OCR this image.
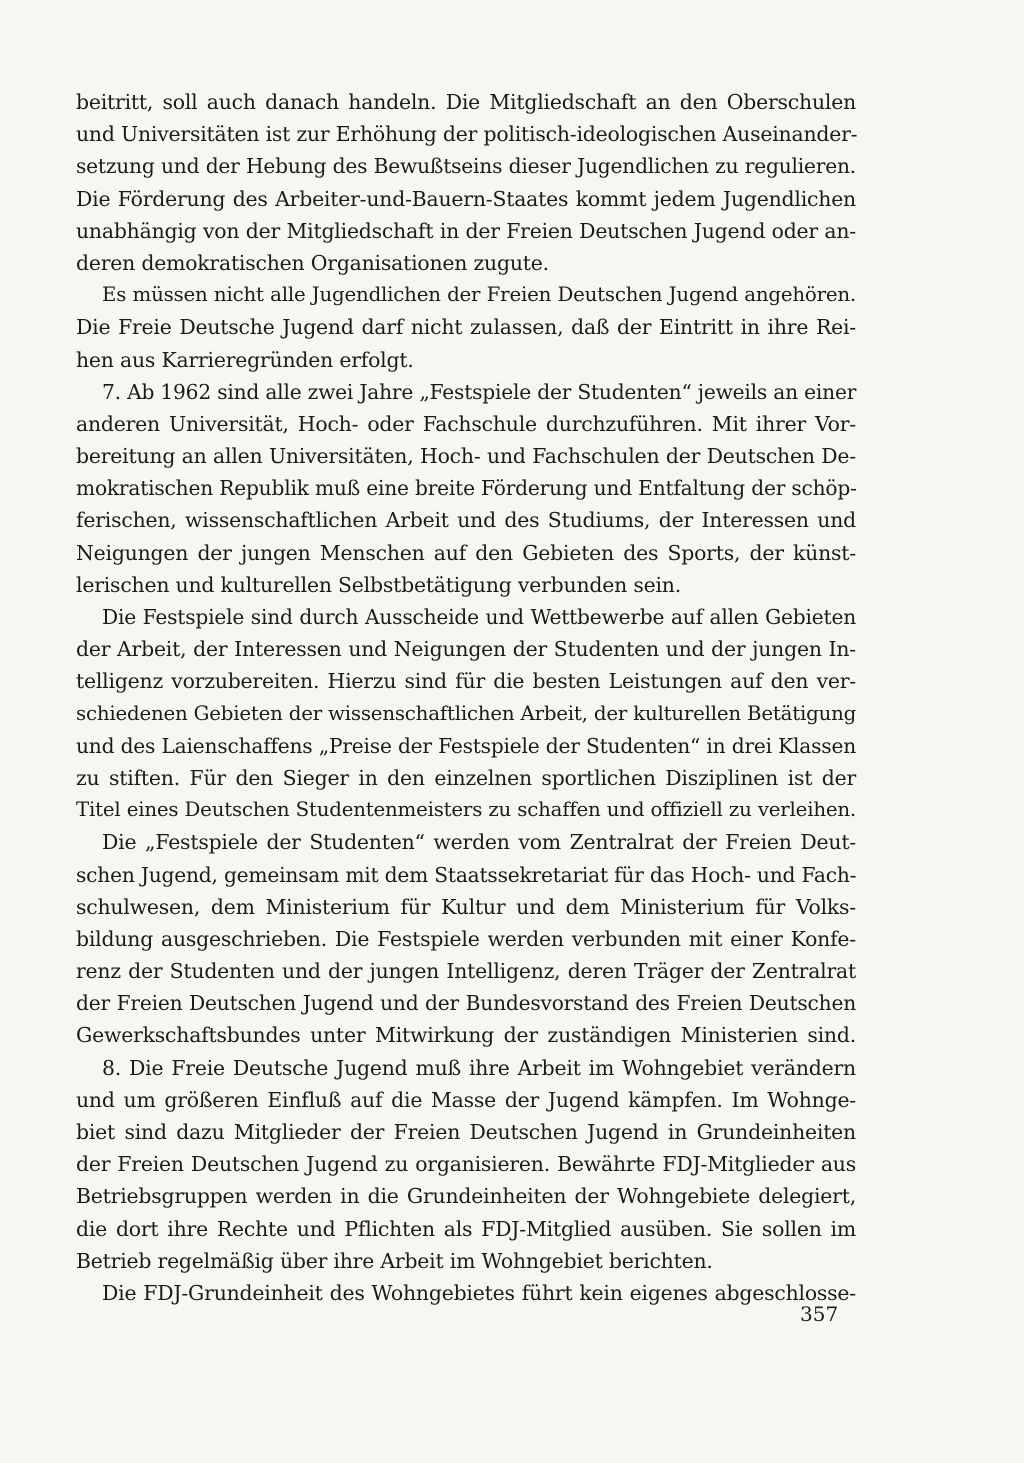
beitritt, soll auch danach handeln. Die Mitgliedschaft an den Oberschulen
und Universitäten ist zur Erhöhung der politisch-ideologischen Auseinander-
setzung und der Hebung des Bewußtseins dieser Jugendlichen zu regulieren.
Die Förderung des Arbeiter-und-Bauern-Staates kommt jedem Jugendlichen
unabhängig von der Mitgliedschaft in der Freien Deutschen Jugend oder an-
deren demokratischen Organisationen zugute.
Es müssen nicht alle Jugendlichen der Freien Deutschen Jugend angehören.
Die Freie Deutsche Jugend darf nicht zulassen, daß der Eintritt in ihre Rei-
hen aus Karrieregründen erfolgt.
7. Ab 1962 sind alle zwei Jahre „Festspiele der Studenten“ jeweils an einer
anderen Universität, Hoch- oder Fachschule durchzuführen. Mit ihrer Vor-
bereitung an allen Universitäten, Hoch- und Fachschulen der Deutschen De-
mokratischen Republik muß eine breite Förderung und Entfaltung der schöp-
ferischen, wissenschaftlichen Arbeit und des Studiums, der Interessen und
Neigungen der jungen Menschen auf den Gebieten des Sports, der künst-
lerischen und kulturellen Selbstbetätigung verbunden sein.
Die Festspiele sind durch Ausscheide und Wettbewerbe auf allen Gebieten
der Arbeit, der Interessen und Neigungen der Studenten und der jungen In-
telligenz vorzubereiten. Hierzu sind für die besten Leistungen auf den ver-
schiedenen Gebieten der wissenschaftlichen Arbeit, der kulturellen Betätigung
und des Laienschaffens „Preise der Festspiele der Studenten“ in drei Klassen
zu stiften. Für den Sieger in den einzelnen sportlichen Disziplinen ist der
Titel eines Deutschen Studentenmeisters zu schaffen und offiziell zu verleihen.
Die „Festspiele der Studenten“ werden vom Zentralrat der Freien Deut-
schen Jugend, gemeinsam mit dem Staatssekretariat für das Hoch- und Fach-
schulwesen, dem Ministerium für Kultur und dem Ministerium für Volks-
bildung ausgeschrieben. Die Festspiele werden verbunden mit einer Konfe-
renz der Studenten und der jungen Intelligenz, deren Träger der Zentralrat
der Freien Deutschen Jugend und der Bundesvorstand des Freien Deutschen
Gewerkschaftsbundes unter Mitwirkung der zuständigen Ministerien sind.
8. Die Freie Deutsche Jugend muß ihre Arbeit im Wohngebiet verändern
und um größeren Einfluß auf die Masse der Jugend kämpfen. Im Wohnge-
biet sind dazu Mitglieder der Freien Deutschen Jugend in Grundeinheiten
der Freien Deutschen Jugend zu organisieren. Bewährte FDJ-Mitglieder aus
Betriebsgruppen werden in die Grundeinheiten der Wohngebiete delegiert,
die dort ihre Rechte und Pflichten als FDJ-Mitglied ausüben. Sie sollen im
Betrieb regelmäßig über ihre Arbeit im Wohngebiet berichten.
Die FDJ-Grundeinheit des Wohngebietes führt kein eigenes abgeschlosse-
357
